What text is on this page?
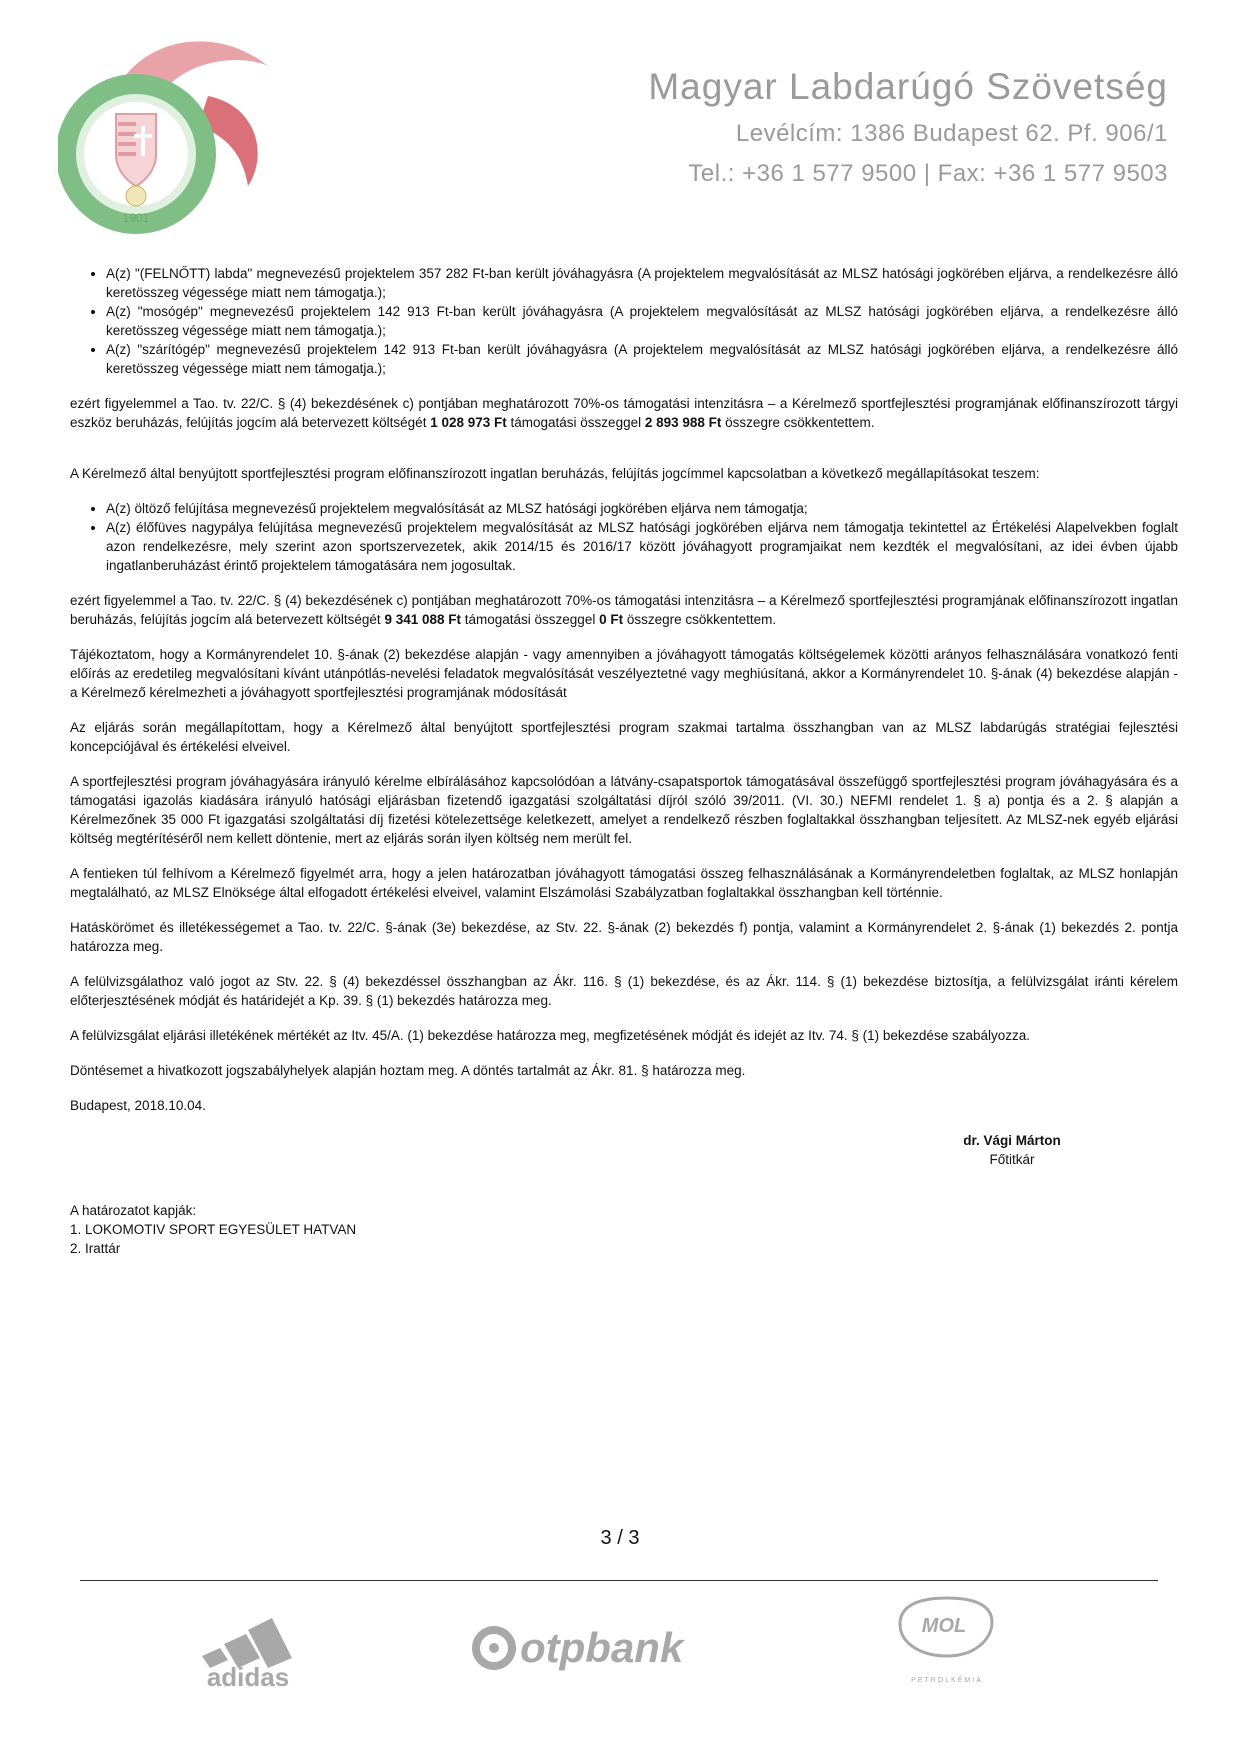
1901
Magyar Labdarúgó Szövetség
Levélcím: 1386 Budapest 62. Pf. 906/1
Tel.: +36 1 577 9500 | Fax: +36 1 577 9503
• A(z) "(FELNŐTT) labda" megnevezésű projektelem 357 282 Ft-ban került jóváhagyásra (A projektelem megvalósítását az MLSZ hatósági jogkörében eljárva, a rendelkezésre álló keretösszeg végessége miatt nem támogatja.);
• A(z) "mosógép" megnevezésű projektelem 142 913 Ft-ban került jóváhagyásra (A projektelem megvalósítását az MLSZ hatósági jogkörében eljárva, a rendelkezésre álló keretösszeg végessége miatt nem támogatja.);
• A(z) "szárítógép" megnevezésű projektelem 142 913 Ft-ban került jóváhagyásra (A projektelem megvalósítását az MLSZ hatósági jogkörében eljárva, a rendelkezésre álló keretösszeg végessége miatt nem támogatja.);

ezért figyelemmel a Tao. tv. 22/C. § (4) bekezdésének c) pontjában meghatározott 70%-os támogatási intenzitásra – a Kérelmező sportfejlesztési programjának előfinanszírozott tárgyi eszköz beruházás, felújítás jogcím alá betervezett költségét 1 028 973 Ft támogatási összeggel 2 893 988 Ft összegre csökkentettem.

A Kérelmező által benyújtott sportfejlesztési program előfinanszírozott ingatlan beruházás, felújítás jogcímmel kapcsolatban a következő megállapításokat teszem:

• A(z) öltöző felújítása megnevezésű projektelem megvalósítását az MLSZ hatósági jogkörében eljárva nem támogatja;
• A(z) élőfüves nagypálya felújítása megnevezésű projektelem megvalósítását az MLSZ hatósági jogkörében eljárva nem támogatja tekintettel az Értékelési Alapelvekben foglalt azon rendelkezésre, mely szerint azon sportszervezetek, akik 2014/15 és 2016/17 között jóváhagyott programjaikat nem kezdték el megvalósítani, az idei évben újabb ingatlanberuházást érintő projektelem támogatására nem jogosultak.

ezért figyelemmel a Tao. tv. 22/C. § (4) bekezdésének c) pontjában meghatározott 70%-os támogatási intenzitásra – a Kérelmező sportfejlesztési programjának előfinanszírozott ingatlan beruházás, felújítás jogcím alá betervezett költségét 9 341 088 Ft támogatási összeggel 0 Ft összegre csökkentettem.

Tájékoztatom, hogy a Kormányrendelet 10. §-ának (2) bekezdése alapján - vagy amennyiben a jóváhagyott támogatás költségelemek közötti arányos felhasználására vonatkozó fenti előírás az eredetileg megvalósítani kívánt utánpótlás-nevelési feladatok megvalósítását veszélyeztetné vagy meghiúsítaná, akkor a Kormányrendelet 10. §-ának (4) bekezdése alapján - a Kérelmező kérelmezheti a jóváhagyott sportfejlesztési programjának módosítását

Az eljárás során megállapítottam, hogy a Kérelmező által benyújtott sportfejlesztési program szakmai tartalma összhangban van az MLSZ labdarúgás stratégiai fejlesztési koncepciójával és értékelési elveivel.

A sportfejlesztési program jóváhagyására irányuló kérelme elbírálásához kapcsolódóan a látvány-csapatsportok támogatásával összefüggő sportfejlesztési program jóváhagyására és a támogatási igazolás kiadására irányuló hatósági eljárásban fizetendő igazgatási szolgáltatási díjról szóló 39/2011. (VI. 30.) NEFMI rendelet 1. § a) pontja és a 2. § alapján a Kérelmezőnek 35 000 Ft igazgatási szolgáltatási díj fizetési kötelezettsége keletkezett, amelyet a rendelkező részben foglaltakkal összhangban teljesített. Az MLSZ-nek egyéb eljárási költség megtérítéséről nem kellett döntenie, mert az eljárás során ilyen költség nem merült fel.

A fentieken túl felhívom a Kérelmező figyelmét arra, hogy a jelen határozatban jóváhagyott támogatási összeg felhasználásának a Kormányrendeletben foglaltak, az MLSZ honlapján megtalálható, az MLSZ Elnöksége által elfogadott értékelési elveivel, valamint Elszámolási Szabályzatban foglaltakkal összhangban kell történnie.

Hatáskörömet és illetékességemet a Tao. tv. 22/C. §-ának (3e) bekezdése, az Stv. 22. §-ának (2) bekezdés f) pontja, valamint a Kormányrendelet 2. §-ának (1) bekezdés 2. pontja határozza meg.

A felülvizsgálathoz való jogot az Stv. 22. § (4) bekezdéssel összhangban az Ákr. 116. § (1) bekezdése, és az Ákr. 114. § (1) bekezdése biztosítja, a felülvizsgálat iránti kérelem előterjesztésének módját és határidejét a Kp. 39. § (1) bekezdés határozza meg.

A felülvizsgálat eljárási illetékének mértékét az Itv. 45/A. (1) bekezdése határozza meg, megfizetésének módját és idejét az Itv. 74. § (1) bekezdése szabályozza.

Döntésemet a hivatkozott jogszabályhelyek alapján hoztam meg. A döntés tartalmát az Ákr. 81. § határozza meg.

Budapest, 2018.10.04.

dr. Vági Márton
Főtitkár
A határozatot kapják:
1. LOKOMOTIV SPORT EGYESÜLET HATVAN
2. Irattár
3 / 3
adidas
otpbank	MOL
PETROLKÉMIA
